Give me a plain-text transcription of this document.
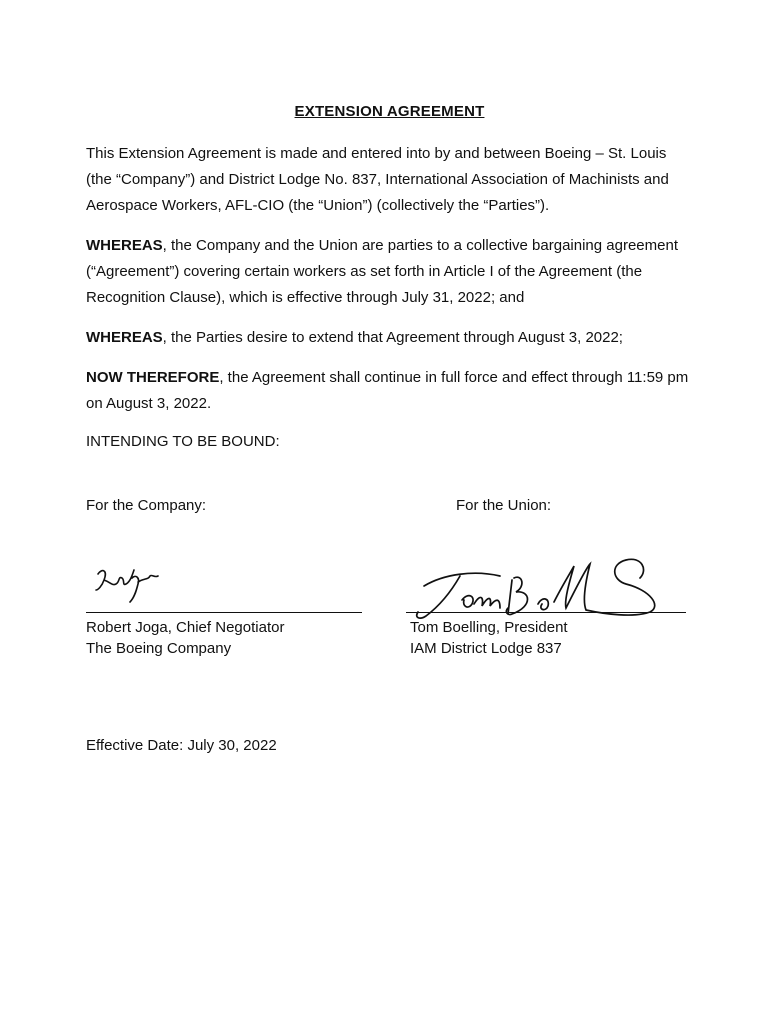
EXTENSION AGREEMENT
This Extension Agreement is made and entered into by and between Boeing – St. Louis (the “Company”) and District Lodge No. 837, International Association of Machinists and Aerospace Workers, AFL-CIO (the “Union”) (collectively the “Parties”).
WHEREAS, the Company and the Union are parties to a collective bargaining agreement (“Agreement”) covering certain workers as set forth in Article I of the Agreement (the Recognition Clause), which is effective through July 31, 2022; and
WHEREAS, the Parties desire to extend that Agreement through August 3, 2022;
NOW THEREFORE, the Agreement shall continue in full force and effect through 11:59 pm on August 3, 2022.
INTENDING TO BE BOUND:
For the Company:	For the Union:
Robert Joga, Chief Negotiator
The Boeing Company
Tom Boelling, President
IAM District Lodge 837
Effective Date: July 30, 2022
